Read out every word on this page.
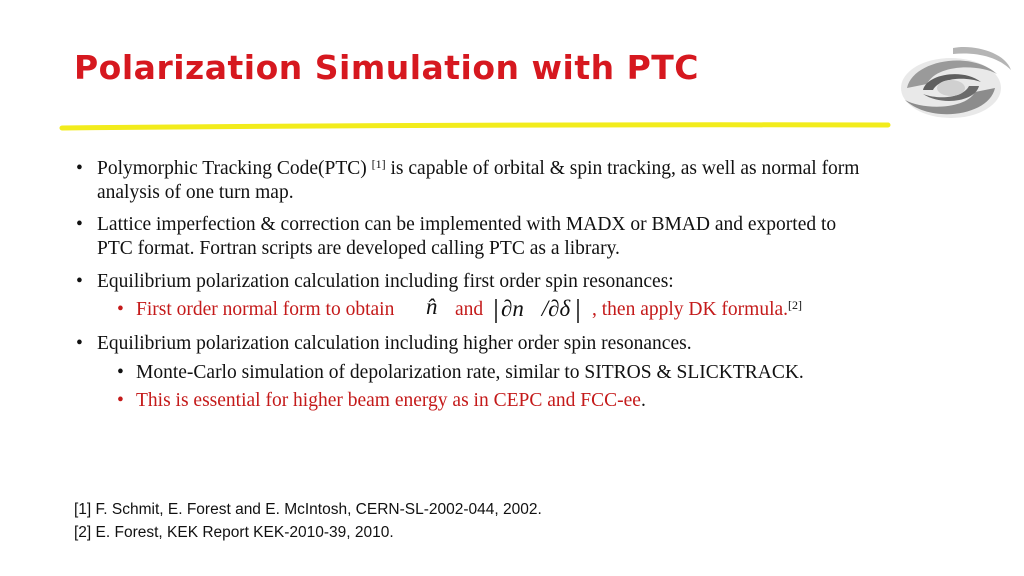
Polarization Simulation with PTC
• Polymorphic Tracking Code(PTC) [1] is capable of orbital & spin tracking, as well as normal form
analysis of one turn map.
• Lattice imperfection & correction can be implemented with MADX or BMAD and exported to
PTC format. Fortran scripts are developed calling PTC as a library.
• Equilibrium polarization calculation including first order spin resonances:
• First order normal form to obtain n̂ and ∂n⃗/∂δ , then apply DK formula.[2]
• Equilibrium polarization calculation including higher order spin resonances.
• Monte-Carlo simulation of depolarization rate, similar to SITROS & SLICKTRACK.
• This is essential for higher beam energy as in CEPC and FCC-ee.
[1] F. Schmit, E. Forest and E. McIntosh, CERN-SL-2002-044, 2002.
[2] E. Forest, KEK Report KEK-2010-39, 2010.
